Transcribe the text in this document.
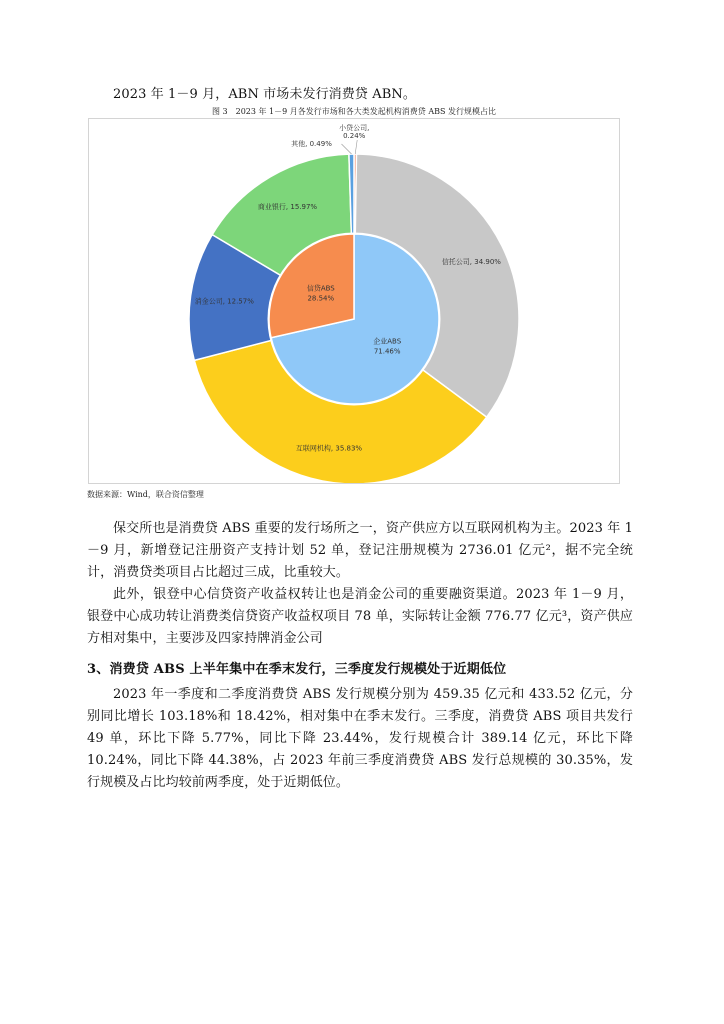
2023 年 1－9 月，ABN 市场未发行消费贷 ABN。

图 3　2023 年 1－9 月各发行市场和各大类发起机构消费贷 ABS 发行规模占比

企业ABS
71.46%
信贷ABS
28.54%
小贷公司,
0.24%
信托公司, 34.90%
互联网机构, 35.83%
消金公司, 12.57%
商业银行, 15.97%
其他, 0.49%

数据来源：Wind，联合资信整理

保交所也是消费贷 ABS 重要的发行场所之一，资产供应方以互联网机构为主。2023 年 1－9 月，新增登记注册资产支持计划 52 单，登记注册规模为 2736.01 亿元²，据不完全统计，消费贷类项目占比超过三成，比重较大。

此外，银登中心信贷资产收益权转让也是消金公司的重要融资渠道。2023 年 1－9 月，银登中心成功转让消费类信贷资产收益权项目 78 单，实际转让金额 776.77 亿元³，资产供应方相对集中，主要涉及四家持牌消金公司

3、消费贷 ABS 上半年集中在季末发行，三季度发行规模处于近期低位

2023 年一季度和二季度消费贷 ABS 发行规模分别为 459.35 亿元和 433.52 亿元，分别同比增长 103.18%和 18.42%，相对集中在季末发行。三季度，消费贷 ABS 项目共发行 49 单，环比下降 5.77%，同比下降 23.44%，发行规模合计 389.14 亿元，环比下降 10.24%，同比下降 44.38%，占 2023 年前三季度消费贷 ABS 发行总规模的 30.35%，发行规模及占比均较前两季度，处于近期低位。
